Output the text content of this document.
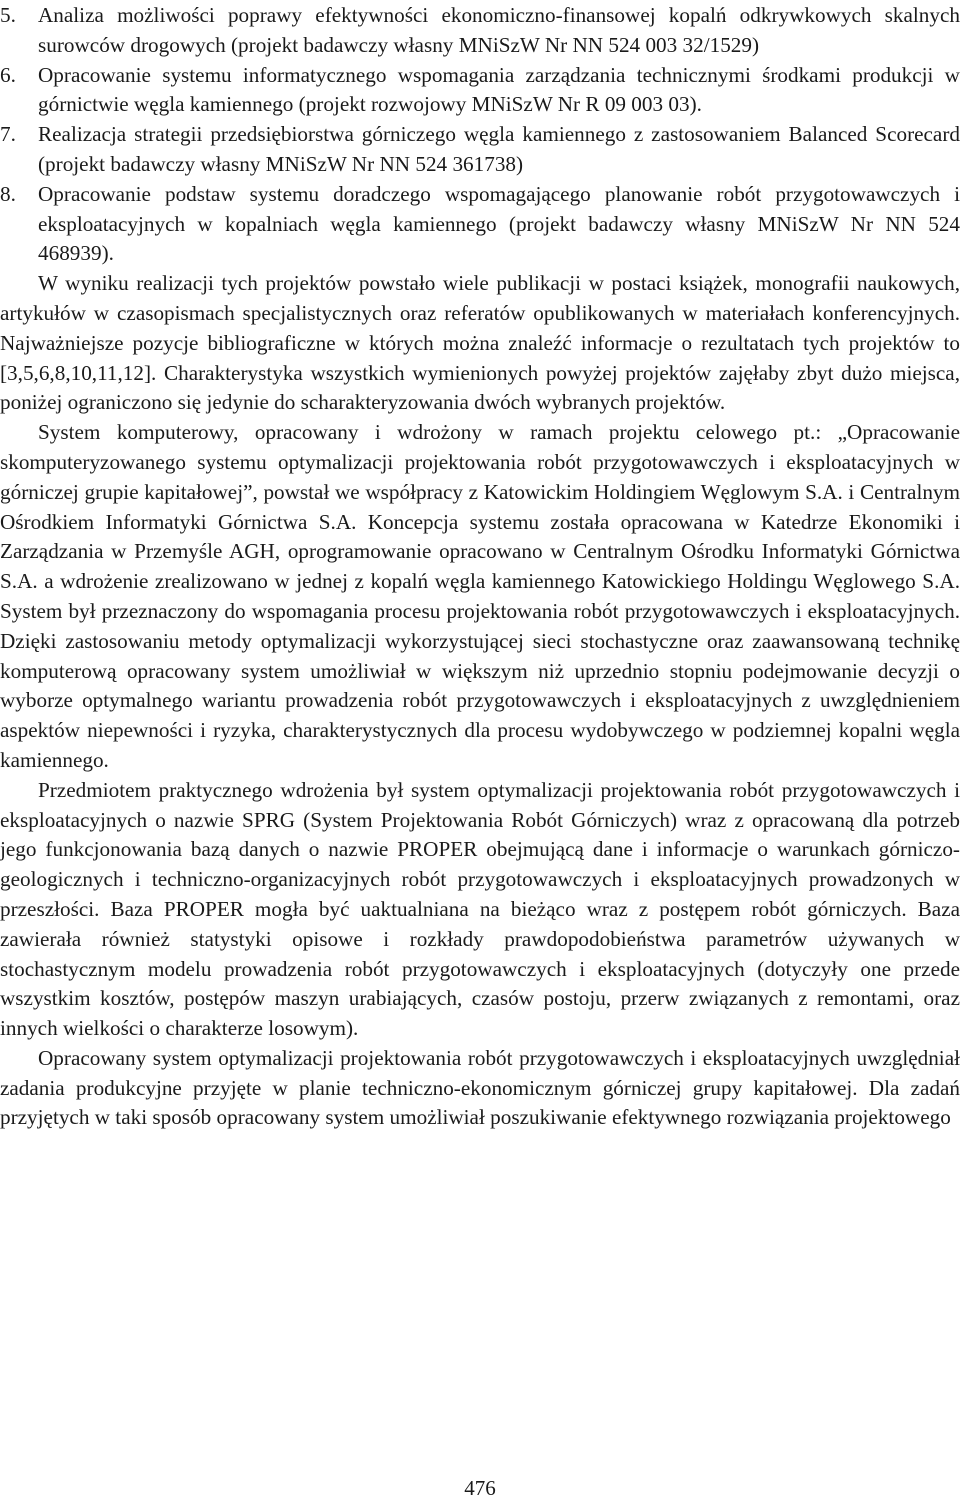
5. Analiza możliwości poprawy efektywności ekonomiczno-finansowej kopalń odkrywkowych skalnych surowców drogowych (projekt badawczy własny MNiSzW Nr NN 524 003 32/1529)
6. Opracowanie systemu informatycznego wspomagania zarządzania technicznymi środkami produkcji w górnictwie węgla kamiennego (projekt rozwojowy MNiSzW Nr R 09 003 03).
7. Realizacja strategii przedsiębiorstwa górniczego węgla kamiennego z zastosowaniem Balanced Scorecard (projekt badawczy własny MNiSzW Nr NN 524 361738)
8. Opracowanie podstaw systemu doradczego wspomagającego planowanie robót przygotowawczych i eksploatacyjnych w kopalniach węgla kamiennego (projekt badawczy własny MNiSzW Nr NN 524 468939).

W wyniku realizacji tych projektów powstało wiele publikacji w postaci książek, monografii naukowych, artykułów w czasopismach specjalistycznych oraz referatów opublikowanych w materiałach konferencyjnych. Najważniejsze pozycje bibliograficzne w których można znaleźć informacje o rezultatach tych projektów to [3,5,6,8,10,11,12]. Charakterystyka wszystkich wymienionych powyżej projektów zajęłaby zbyt dużo miejsca, poniżej ograniczono się jedynie do scharakteryzowania dwóch wybranych projektów.

System komputerowy, opracowany i wdrożony w ramach projektu celowego pt.: „Opracowanie skomputeryzowanego systemu optymalizacji projektowania robót przygotowawczych i eksploatacyjnych w górniczej grupie kapitałowej”, powstał we współpracy z Katowickim Holdingiem Węglowym S.A. i Centralnym Ośrodkiem Informatyki Górnictwa S.A. Koncepcja systemu została opracowana w Katedrze Ekonomiki i Zarządzania w Przemyśle AGH, oprogramowanie opracowano w Centralnym Ośrodku Informatyki Górnictwa S.A. a wdrożenie zrealizowano w jednej z kopalń węgla kamiennego Katowickiego Holdingu Węglowego S.A. System był przeznaczony do wspomagania procesu projektowania robót przygotowawczych i eksploatacyjnych. Dzięki zastosowaniu metody optymalizacji wykorzystującej sieci stochastyczne oraz zaawansowaną technikę komputerową opracowany system umożliwiał w większym niż uprzednio stopniu podejmowanie decyzji o wyborze optymalnego wariantu prowadzenia robót przygotowawczych i eksploatacyjnych z uwzględnieniem aspektów niepewności i ryzyka, charakterystycznych dla procesu wydobywczego w podziemnej kopalni węgla kamiennego.

Przedmiotem praktycznego wdrożenia był system optymalizacji projektowania robót przygotowawczych i eksploatacyjnych o nazwie SPRG (System Projektowania Robót Górniczych) wraz z opracowaną dla potrzeb jego funkcjonowania bazą danych o nazwie PROPER obejmującą dane i informacje o warunkach górniczo-geologicznych i techniczno-organizacyjnych robót przygotowawczych i eksploatacyjnych prowadzonych w przeszłości. Baza PROPER mogła być uaktualniana na bieżąco wraz z postępem robót górniczych. Baza zawierała również statystyki opisowe i rozkłady prawdopodobieństwa parametrów używanych w stochastycznym modelu prowadzenia robót przygotowawczych i eksploatacyjnych (dotyczyły one przede wszystkim kosztów, postępów maszyn urabiających, czasów postoju, przerw związanych z remontami, oraz innych wielkości o charakterze losowym).

Opracowany system optymalizacji projektowania robót przygotowawczych i eksploatacyjnych uwzględniał zadania produkcyjne przyjęte w planie techniczno-ekonomicznym górniczej grupy kapitałowej. Dla zadań przyjętych w taki sposób opracowany system umożliwiał poszukiwanie efektywnego rozwiązania projektowego

476
